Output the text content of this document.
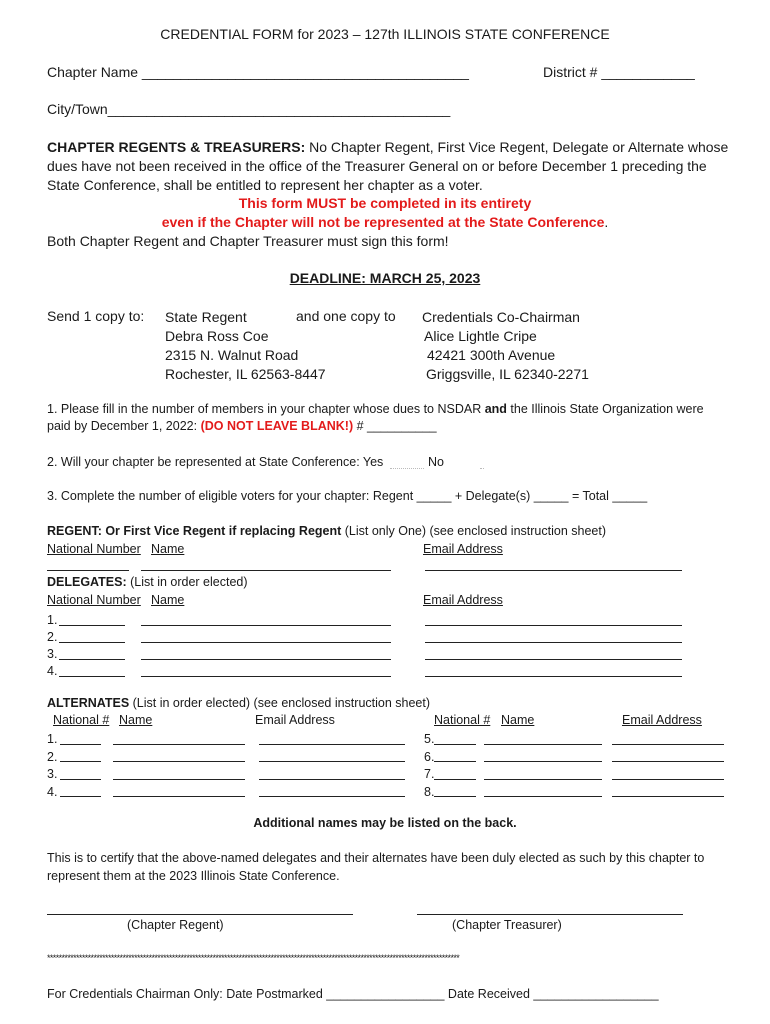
CREDENTIAL FORM for 2023 – 127th ILLINOIS STATE CONFERENCE
Chapter Name __________________________________________	District # ____________
City/Town____________________________________________
CHAPTER REGENTS & TREASURERS: No Chapter Regent, First Vice Regent, Delegate or Alternate whose dues have not been received in the office of the Treasurer General on or before December 1 preceding the State Conference, shall be entitled to represent her chapter as a voter.
This form MUST be completed in its entirety
even if the Chapter will not be represented at the State Conference.
Both Chapter Regent and Chapter Treasurer must sign this form!
DEADLINE: MARCH 25, 2023
Send 1 copy to: State Regent
Debra Ross Coe
2315 N. Walnut Road
Rochester, IL 62563-8447
and one copy to Credentials Co-Chairman
Alice Lightle Cripe
42421 300th Avenue
Griggsville, IL 62340-2271
1. Please fill in the number of members in your chapter whose dues to NSDAR and the Illinois State Organization were
paid by December 1, 2022: (DO NOT LEAVE BLANK!) # __________
2. Will your chapter be represented at State Conference: Yes	No
3. Complete the number of eligible voters for your chapter: Regent _____ + Delegate(s) _____ = Total _____
REGENT: Or First Vice Regent if replacing Regent (List only One) (see enclosed instruction sheet)
National Number Name	Email Address
DELEGATES: (List in order elected)
National Number Name	Email Address
1.
2.
3.
4.
ALTERNATES (List in order elected) (see enclosed instruction sheet)
National # Name	Email Address	National # Name	Email Address
1.
2.
3.
4.
5.
6.
7.
8.
Additional names may be listed on the back.
This is to certify that the above-named delegates and their alternates have been duly elected as such by this chapter to represent them at the 2023 Illinois State Conference.
(Chapter Regent)	(Chapter Treasurer)
**********************************************************************************************************************************************
For Credentials Chairman Only: Date Postmarked _________________ Date Received __________________
